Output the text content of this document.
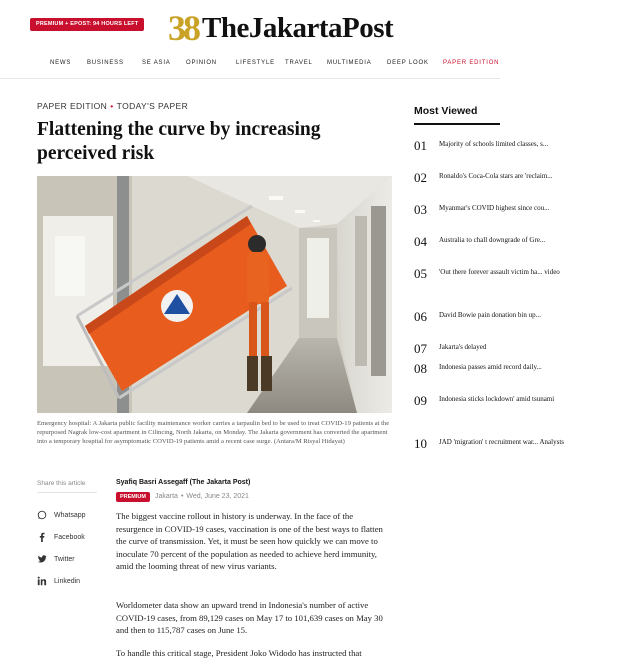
PREMIUM + EPOST: 94 HOURS LEFT 38 TheJakartaPost
NEWS	BUSINESS	SE ASIA	OPINION	LIFESTYLE TRAVEL MULTIMEDIA	DEEP LOOK PAPER EDITION
PAPER EDITION • TODAY'S PAPER
Flattening the curve by increasing perceived risk

Emergency hospital: A Jakarta public facility maintenance worker carries a tarpaulin bed to be used to treat COVID-19 patients at the repurposed Nagrak low-cost apartment in Cilincing, North Jakarta, on Monday. The Jakarta government has converted the apartment into a temporary hospital for asymptomatic COVID-19 patients amid a recent case surge. (Antara/M Risyal Hidayat)

Share this article
Whatsapp
Facebook
Twitter
Linkedin
Syafiq Basri Assegaff (The Jakarta Post)
PREMIUM	Jakarta • Wed, June 23, 2021

The biggest vaccine rollout in history is underway. In the face of the resurgence in COVID-19 cases, vaccination is one of the best ways to flatten the curve of transmission. Yet, it must be seen how quickly we can move to inoculate 70 percent of the population as needed to achieve herd immunity, amid the looming threat of new virus variants.

Worldometer data show an upward trend in Indonesia's number of active COVID-19 cases, from 89,129 cases on May 17 to 101,639 cases on May 30 and then to 115,787 cases on June 15.

To handle this critical stage, President Joko Widodo has instructed that

Most Viewed
01 Majority of schools limited classes, s...
02 Ronaldo's Coca-Cola stars are 'reclaim...
03 Myanmar's COVID highest since cou...
04 Australia to chall downgrade of Gre...
05 'Out there forever assault victim ha... video
06 David Bowie pain donation bin up...
07 Jakarta's delayed
08 Indonesia passes amid record daily...
09 Indonesia sticks lockdown' amid tsunami
10 JAD 'migration' t recruitment war... Analysts
